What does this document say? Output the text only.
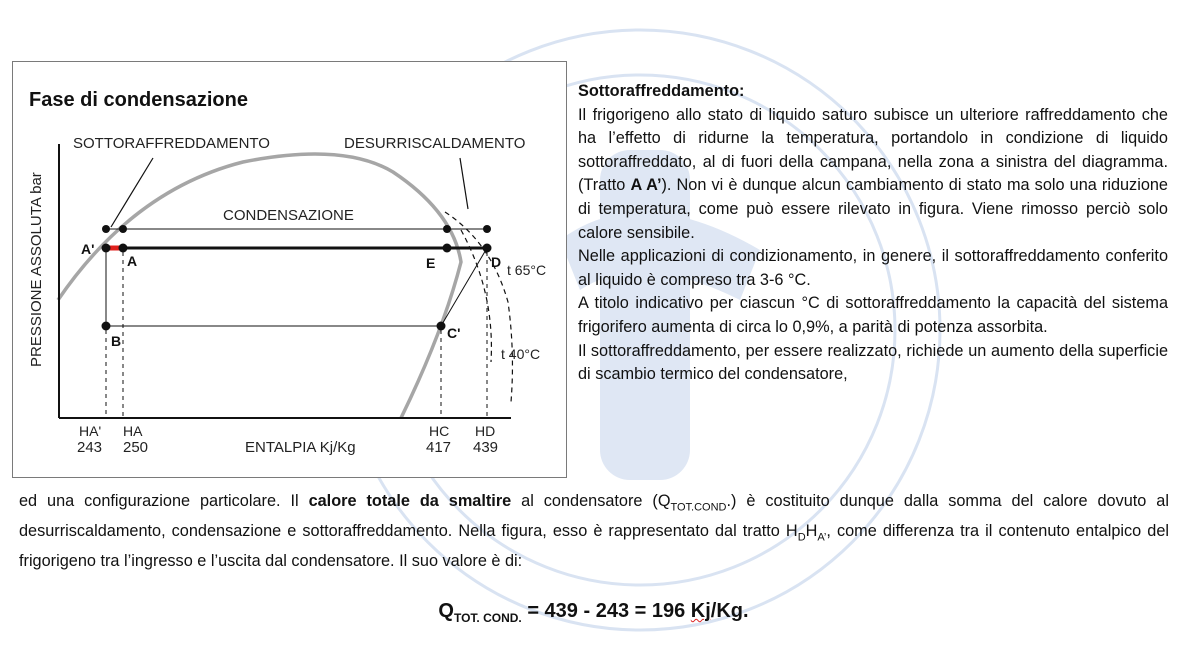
Fase di condensazione
PRESSIONE ASSOLUTA bar
SOTTORAFFREDDAMENTO	DESURRISCALDAMENTO
CONDENSAZIONE
A'
A	E	D t 65°C
t 40°C
B	C'
HA'
243
HA
250
HC
417
HD
439
ENTALPIA Kj/Kg

Sottoraffreddamento:

Il frigorigeno allo stato di liquido saturo subisce un ulteriore raffreddamento che ha l’effetto di ridurne la temperatura, portandolo in condizione di liquido sottoraffreddato, al di fuori della campana, nella zona a sinistra del diagramma. (Tratto A A’). Non vi è dunque alcun cambiamento di stato ma solo una riduzione di temperatura, come può essere rilevato in figura. Viene rimosso perciò solo calore sensibile.

Nelle applicazioni di condizionamento, in genere, il sottoraffreddamento conferito al liquido è compreso tra 3-6 °C.

A titolo indicativo per ciascun °C di sottoraffreddamento la capacità del sistema frigorifero aumenta di circa lo 0,9%, a parità di potenza assorbita.

Il sottoraffreddamento, per essere realizzato, richiede un aumento della superficie di scambio termico del condensatore,

ed una configurazione particolare. Il calore totale da smaltire al condensatore $(Q_{TOT.COND}.)$ è costituito dunque dalla somma del calore dovuto al desurriscaldamento, condensazione e sottoraffreddamento. Nella figura, esso è rappresentato dal tratto $H_DH_{A’}$, come differenza tra il contenuto entalpico del frigorigeno tra l’ingresso e l’uscita dal condensatore. Il suo valore è di:

$Q_{TOT. COND.} = 439 - 243 = 196$ Kj/Kg.
